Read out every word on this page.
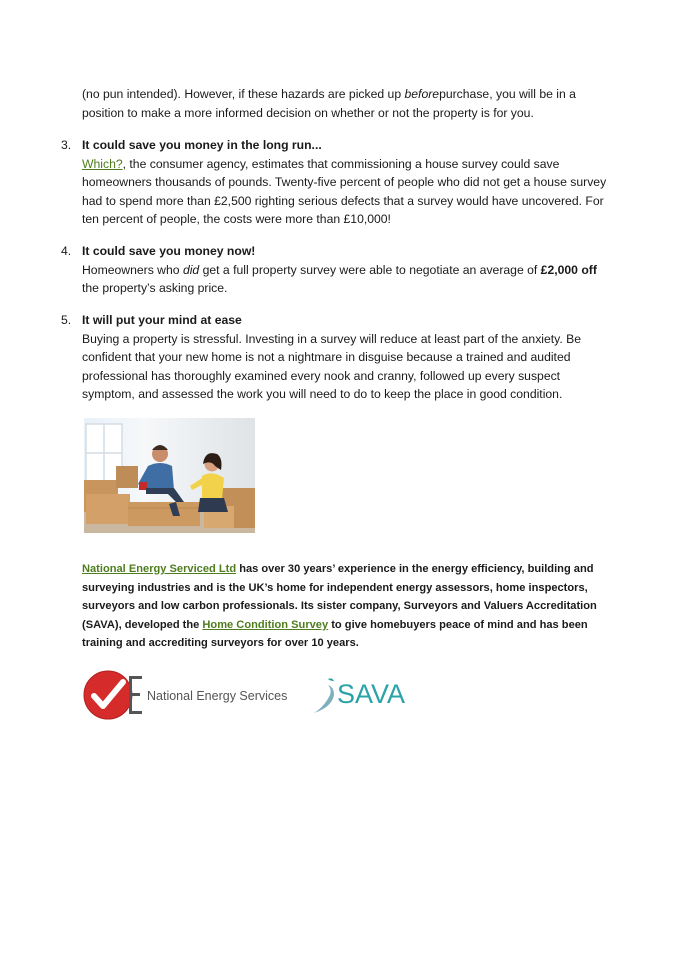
(no pun intended). However, if these hazards are picked up beforepurchase, you will be in a
position to make a more informed decision on whether or not the property is for you.

3. It could save you money in the long run...

Which?, the consumer agency, estimates that commissioning a house survey could save homeowners thousands of pounds. Twenty-five percent of people who did not get a house survey had to spend more than £2,500 righting serious defects that a survey would have uncovered. For ten percent of people, the costs were more than £10,000!

4. It could save you money now!

Homeowners who did get a full property survey were able to negotiate an average of £2,000 off the property’s asking price.

5. It will put your mind at ease

Buying a property is stressful. Investing in a survey will reduce at least part of the anxiety. Be confident that your new home is not a nightmare in disguise because a trained and audited professional has thoroughly examined every nook and cranny, followed up every suspect symptom, and assessed the work you will need to do to keep the place in good condition.

National Energy Serviced Ltd has over 30 years’ experience in the energy efficiency, building and surveying industries and is the UK’s home for independent energy assessors, home inspectors, surveyors and low carbon professionals. Its sister company, Surveyors and Valuers Accreditation (SAVA), developed the Home Condition Survey to give homebuyers peace of mind and has been training and accrediting surveyors for over 10 years.

National Energy Services SAVA
